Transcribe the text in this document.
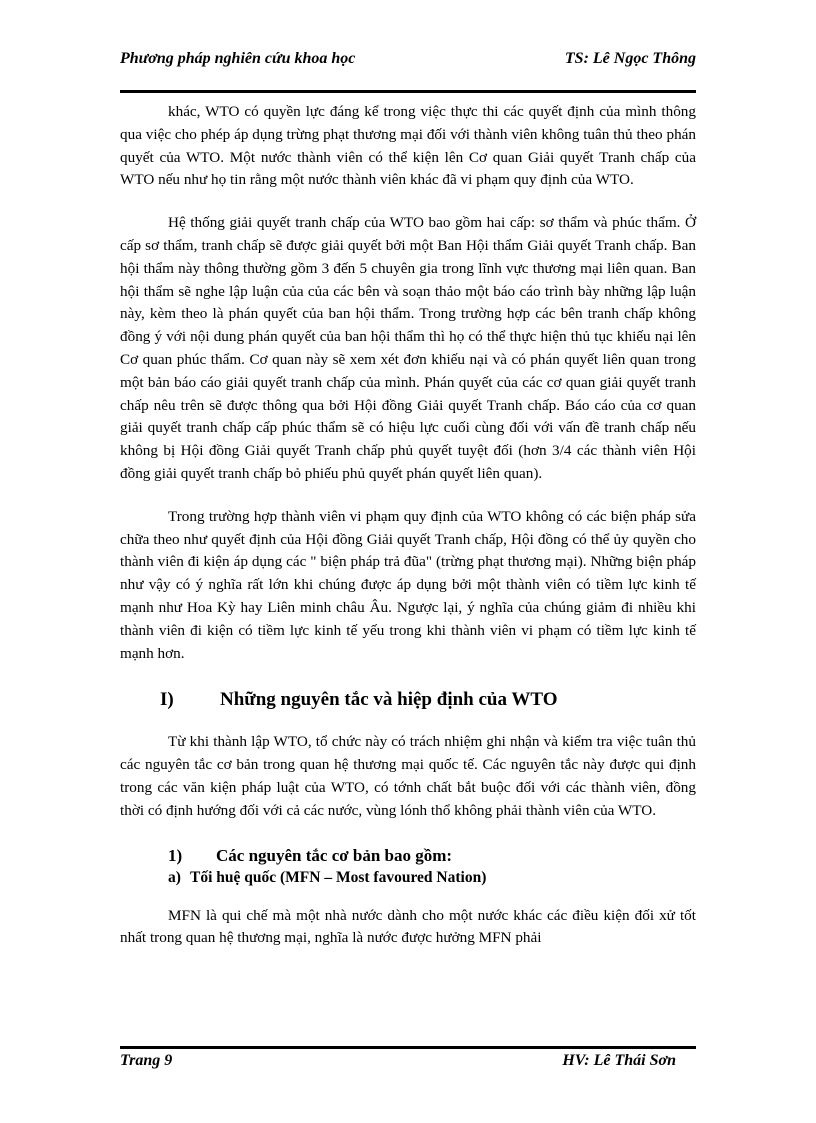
Phương pháp nghiên cứu khoa học	TS: Lê Ngọc Thông

khác, WTO có quyền lực đáng kể trong việc thực thi các quyết định của mình thông qua việc cho phép áp dụng trừng phạt thương mại đối với thành viên không tuân thủ theo phán quyết của WTO. Một nước thành viên có thể kiện lên Cơ quan Giải quyết Tranh chấp của WTO nếu như họ tin rằng một nước thành viên khác đã vi phạm quy định của WTO.

Hệ thống giải quyết tranh chấp của WTO bao gồm hai cấp: sơ thẩm và phúc thẩm. Ở cấp sơ thẩm, tranh chấp sẽ được giải quyết bởi một Ban Hội thẩm Giải quyết Tranh chấp. Ban hội thẩm này thông thường gồm 3 đến 5 chuyên gia trong lĩnh vực thương mại liên quan. Ban hội thẩm sẽ nghe lập luận của của các bên và soạn thảo một báo cáo trình bày những lập luận này, kèm theo là phán quyết của ban hội thẩm. Trong trường hợp các bên tranh chấp không đồng ý với nội dung phán quyết của ban hội thẩm thì họ có thể thực hiện thủ tục khiếu nại lên Cơ quan phúc thẩm. Cơ quan này sẽ xem xét đơn khiếu nại và có phán quyết liên quan trong một bản báo cáo giải quyết tranh chấp của mình. Phán quyết của các cơ quan giải quyết tranh chấp nêu trên sẽ được thông qua bởi Hội đồng Giải quyết Tranh chấp. Báo cáo của cơ quan giải quyết tranh chấp cấp phúc thẩm sẽ có hiệu lực cuối cùng đối với vấn đề tranh chấp nếu không bị Hội đồng Giải quyết Tranh chấp phủ quyết tuyệt đối (hơn 3/4 các thành viên Hội đồng giải quyết tranh chấp bỏ phiếu phủ quyết phán quyết liên quan).

Trong trường hợp thành viên vi phạm quy định của WTO không có các biện pháp sửa chữa theo như quyết định của Hội đồng Giải quyết Tranh chấp, Hội đồng có thể ủy quyền cho thành viên đi kiện áp dụng các " biện pháp trả đũa" (trừng phạt thương mại). Những biện pháp như vậy có ý nghĩa rất lớn khi chúng được áp dụng bởi một thành viên có tiềm lực kinh tế mạnh như Hoa Kỳ hay Liên minh châu Âu. Ngược lại, ý nghĩa của chúng giảm đi nhiều khi thành viên đi kiện có tiềm lực kinh tế yếu trong khi thành viên vi phạm có tiềm lực kinh tế mạnh hơn.

I)	Những nguyên tắc và hiệp định của WTO

Từ khi thành lập WTO, tổ chức này có trách nhiệm ghi nhận và kiểm tra việc tuân thủ các nguyên tắc cơ bản trong quan hệ thương mại quốc tế. Các nguyên tắc này được qui định trong các văn kiện pháp luật của WTO, có tớnh chất bắt buộc đối với các thành viên, đồng thời có định hướng đối với cả các nước, vùng lónh thổ không phải thành viên của WTO.

1)	Các nguyên tắc cơ bản bao gồm:
a) Tối huệ quốc (MFN – Most favoured Nation)

MFN là qui chế mà một nhà nước dành cho một nước khác các điều kiện đối xử tốt nhất trong quan hệ thương mại, nghĩa là nước được hưởng MFN phải

Trang 9	HV: Lê Thái Sơn
